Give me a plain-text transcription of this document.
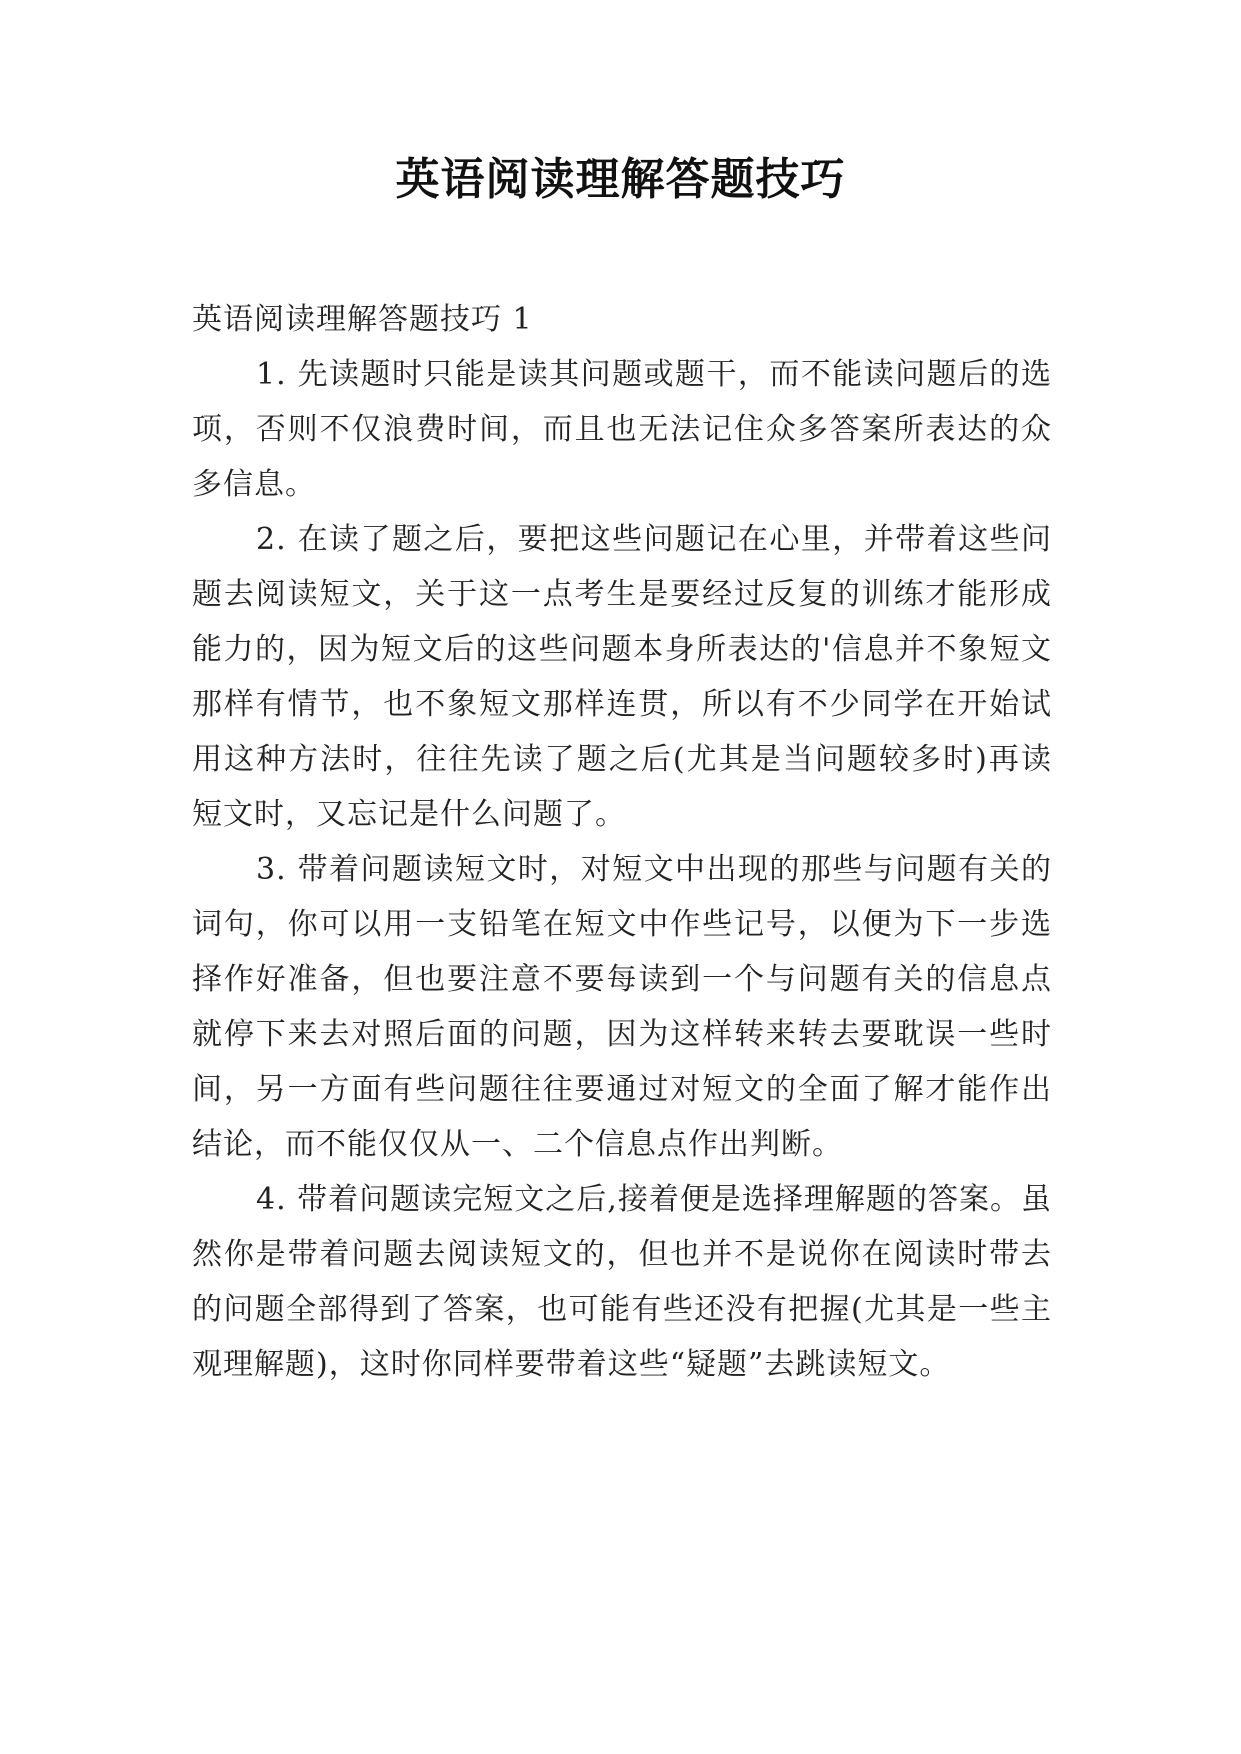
英语阅读理解答题技巧

英语阅读理解答题技巧 1

1. 先读题时只能是读其问题或题干，而不能读问题后的选项，否则不仅浪费时间，而且也无法记住众多答案所表达的众多信息。

2. 在读了题之后，要把这些问题记在心里，并带着这些问题去阅读短文，关于这一点考生是要经过反复的训练才能形成能力的，因为短文后的这些问题本身所表达的'信息并不象短文那样有情节，也不象短文那样连贯，所以有不少同学在开始试用这种方法时，往往先读了题之后(尤其是当问题较多时)再读短文时，又忘记是什么问题了。

3. 带着问题读短文时，对短文中出现的那些与问题有关的词句，你可以用一支铅笔在短文中作些记号，以便为下一步选择作好准备，但也要注意不要每读到一个与问题有关的信息点就停下来去对照后面的问题，因为这样转来转去要耽误一些时间，另一方面有些问题往往要通过对短文的全面了解才能作出结论，而不能仅仅从一、二个信息点作出判断。

4. 带着问题读完短文之后,接着便是选择理解题的答案。虽然你是带着问题去阅读短文的，但也并不是说你在阅读时带去的问题全部得到了答案，也可能有些还没有把握(尤其是一些主观理解题)，这时你同样要带着这些“疑题”去跳读短文。
